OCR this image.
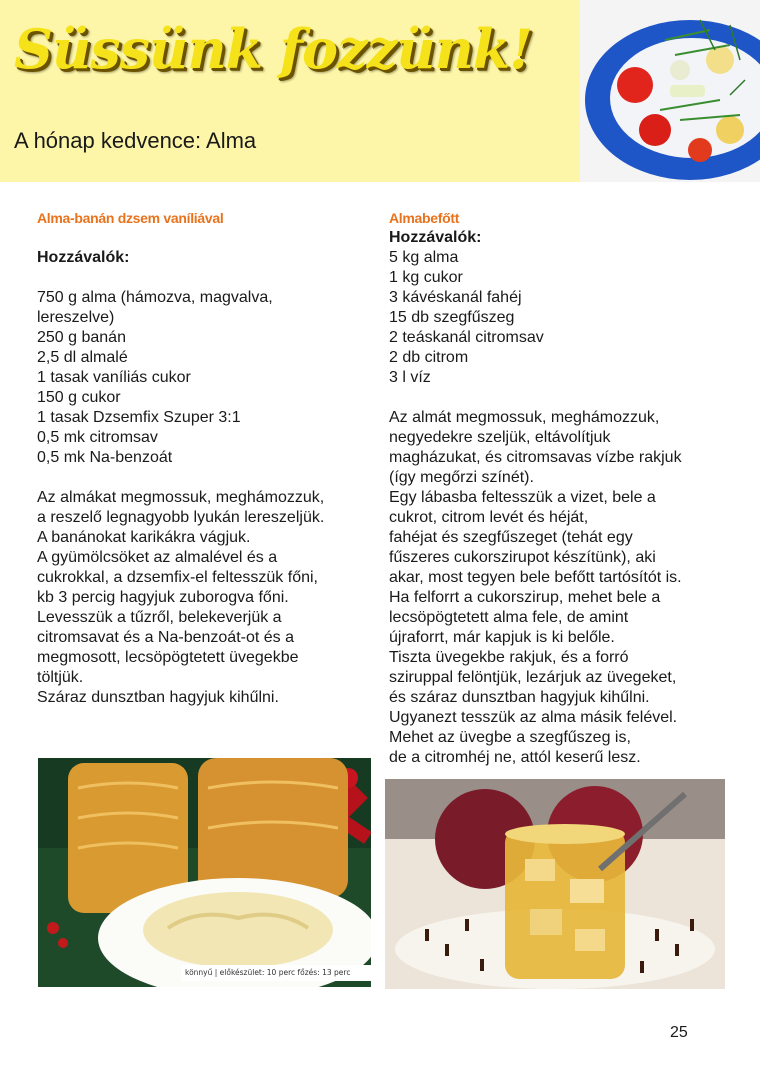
Süssünk fozzünk!
A hónap kedvence: Alma
Alma-banán dzsem vaníliával

Hozzávalók:

750 g alma (hámozva, magvalva,
lereszelve)
250 g banán
2,5 dl almalé
1 tasak vaníliás cukor
150 g cukor
1 tasak Dzsemfix Szuper 3:1
0,5 mk citromsav
0,5 mk Na-benzoát
Az almákat megmossuk, meghámozzuk,
a reszelő legnagyobb lyukán lereszeljük.
A banánokat karikákra vágjuk.
A gyümölcsöket az almalével és a
cukrokkal, a dzsemfix-el feltesszük főni,
kb 3 percig hagyjuk zuborogva főni.
Levesszük a tűzről, belekeverjük a
citromsavat és a Na-benzoát-ot és a
megmosott, lecsöpögtetett üvegekbe
töltjük.
Száraz dunsztban hagyjuk kihűlni.
Almabefőtt

Hozzávalók:

5 kg alma
1 kg cukor
3 kávéskanál fahéj
15 db szegfűszeg
2 teáskanál citromsav
2 db citrom
3 l víz
Az almát megmossuk, meghámozzuk,
negyedekre szeljük, eltávolítjuk
magházukat, és citromsavas vízbe rakjuk
(így megőrzi színét).
Egy lábasba feltesszük a vizet, bele a
cukrot, citrom levét és héját,
fahéjat és szegfűszeget (tehát egy
fűszeres cukorszirupot készítünk), aki
akar, most tegyen bele befőtt tartósítót is.
Ha felforrt a cukorszirup, mehet bele a
lecsöpögtetett alma fele, de amint
újraforrt, már kapjuk is ki belőle.
Tiszta üvegekbe rakjuk, és a forró
sziruppal felöntjük, lezárjuk az üvegeket,
és száraz dunsztban hagyjuk kihűlni.
Ugyanezt tesszük az alma másik felével.
Mehet az üvegbe a szegfűszeg is,
de a citromhéj ne, attól keserű lesz.
könnyű | előkészület: 10 perc főzés: 13 perc
25
